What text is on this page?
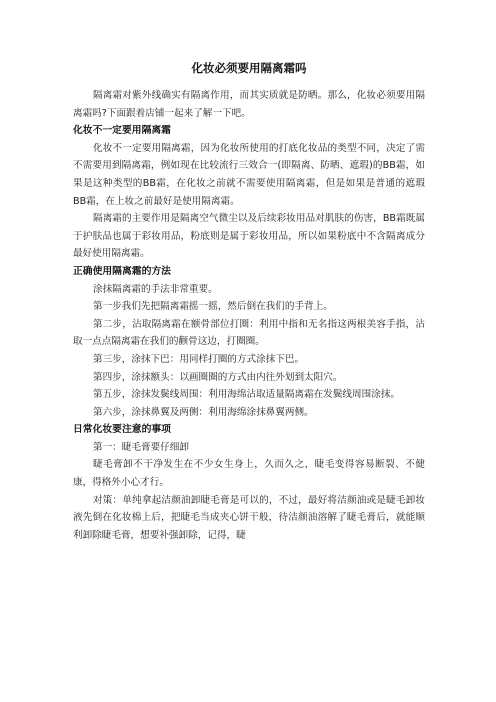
化妆必须要用隔离霜吗

隔离霜对紫外线确实有隔离作用，而其实质就是防晒。那么，化妆必须要用隔离霜吗?下面跟着店铺一起来了解一下吧。

化妆不一定要用隔离霜

化妆不一定要用隔离霜，因为化妆所使用的打底化妆品的类型不同，决定了需不需要用到隔离霜，例如现在比较流行三效合一(即隔离、防晒、遮瑕)的BB霜，如果是这种类型的BB霜，在化妆之前就不需要使用隔离霜，但是如果是普通的遮瑕BB霜，在上妆之前最好是使用隔离霜。

隔离霜的主要作用是隔离空气微尘以及后续彩妆用品对肌肤的伤害，BB霜既属于护肤品也属于彩妆用品，粉底则是属于彩妆用品，所以如果粉底中不含隔离成分最好使用隔离霜。

正确使用隔离霜的方法

涂抹隔离霜的手法非常重要。

第一步我们先把隔离霜摇一摇，然后倒在我们的手背上。

第二步，沾取隔离霜在额骨部位打圈：利用中指和无名指这两根美容手指，沾取一点点隔离霜在我们的颧骨这边，打圈圈。

第三步，涂抹下巴：用同样打圈的方式涂抹下巴。

第四步，涂抹额头：以画圈圈的方式由内往外划到太阳穴。

第五步，涂抹发鬓线周围：利用海绵沾取适量隔离霜在发鬓线周围涂抹。

第六步，涂抹鼻翼及两侧：利用海绵涂抹鼻翼两侧。

日常化妆要注意的事项

第一：睫毛膏要仔细卸

睫毛膏卸不干净发生在不少女生身上，久而久之，睫毛变得容易断裂、不健康，得格外小心才行。

对策：单纯拿起洁颜油卸睫毛膏是可以的，不过，最好将洁颜油或是睫毛卸妆液先倒在化妆棉上后，把睫毛当成夹心饼干般，待洁颜油溶解了睫毛膏后，就能顺利卸除睫毛膏，想要补强卸除，记得，睫
